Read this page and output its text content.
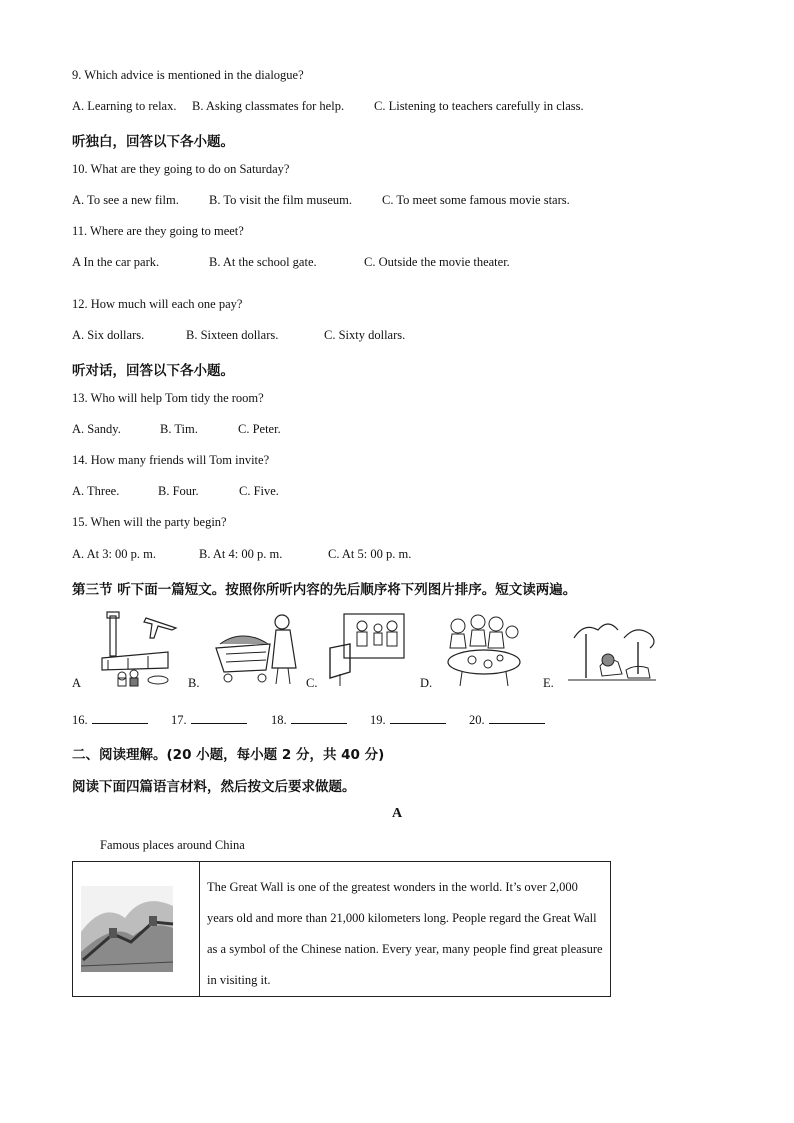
9. Which advice is mentioned in the dialogue?
A. Learning to relax. B. Asking classmates for help. C. Listening to teachers carefully in class.
听独白，回答以下各小题。
10. What are they going to do on Saturday?
A. To see a new film. B. To visit the film museum. C. To meet some famous movie stars.
11. Where are they going to meet?
A In the car park.	B. At the school gate.	C. Outside the movie theater.
12. How much will each one pay?
A. Six dollars.	B. Sixteen dollars.	C. Sixty dollars.
听对话，回答以下各小题。
13. Who will help Tom tidy the room?
A. Sandy.	B. Tim.	C. Peter.
14. How many friends will Tom invite?
A. Three.	B. Four.	C. Five.
15. When will the party begin?
A. At 3: 00 p. m.	B. At 4: 00 p. m.	C. At 5: 00 p. m.
第三节 听下面一篇短文。按照你所听内容的先后顺序将下列图片排序。短文读两遍。
A	B.	C.	D.	E.
16.	17.	18.	19.	20.
二、阅读理解。(20 小题，每小题 2 分，共 40 分)
阅读下面四篇语言材料，然后按文后要求做题。
A
Famous places around China
The Great Wall is one of the greatest wonders in the world. It’s over 2,000 years old and more than 21,000 kilometers long. People regard the Great Wall as a symbol of the Chinese nation. Every year, many people find great pleasure in visiting it.
